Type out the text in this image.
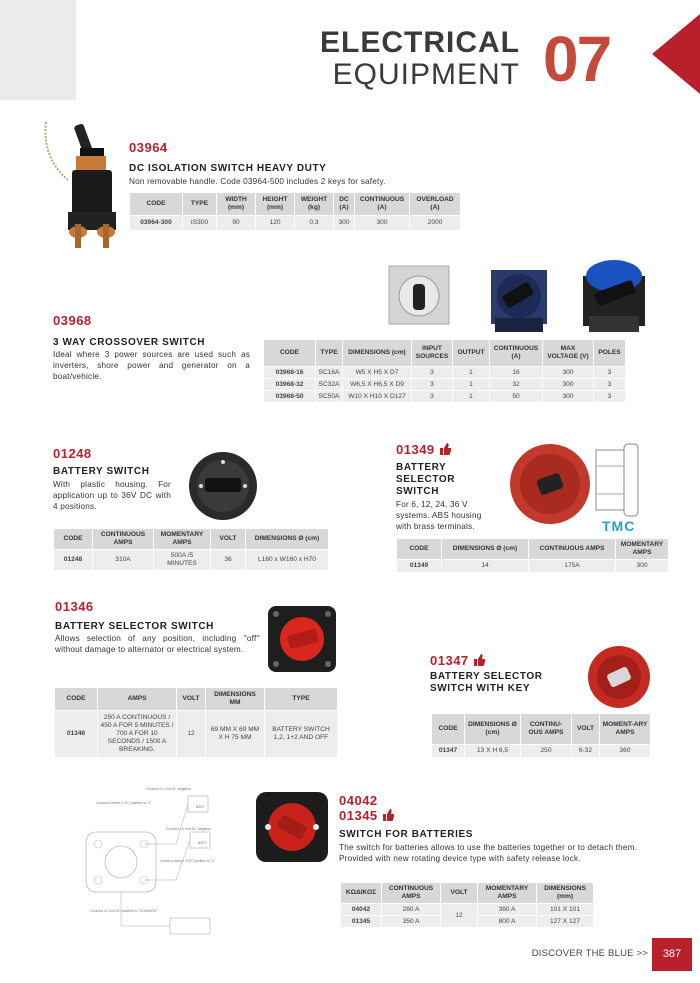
ELECTRICAL
EQUIPMENT 07
03964
DC ISOLATION SWITCH HEAVY DUTY
Non removable handle. Code 03964-500 includes 2 keys for safety.
CODE	TYPE	WIDTH (mm)	HEIGHT (mm)	WEIGHT (kg)	DC (A)	CONTINUOUS (A)	OVERLOAD (A)
03964-300	IS300	90	120	0.3	300	300	2000
03968
3 WAY CROSSOVER SWITCH
Ideal where 3 power sources are used such as inverters, shore power and generator on a boat/vehicle.
CODE	TYPE	DIMENSIONS (cm)	INPUT SOURCES	OUTPUT	CONTINUOUS (A)	MAX VOLTAGE (V)	POLES
03968-16	SC16A	W5 X H5 X D7	3	1	16	300	3
03968-32	SC32A	W6,5 X H6,5 X D9	3	1	32	300	3
03968-50	SC50A	W10 X H10 X D127	3	1	50	300	3
01248
BATTERY SWITCH
With plastic housing. For application up to 36V DC with 4 positions.
CODE	CONTINUOUS AMPS	MOMENTARY AMPS	VOLT	DIMENSIONS Ø (cm)
01248	310A	500A /5 MINUTES	36	L160 x W160 x H70
01349
BATTERY SELECTOR SWITCH
For 6, 12, 24, 36 V systems. ABS housing with brass terminals.	TMC
CODE	DIMENSIONS Ø (cm)	CONTINUOUS AMPS	MOMENTARY AMPS
01349	14	175A	300
01346
BATTERY SELECTOR SWITCH
Allows selection of any position, including ''off'' without damage to alternator or electrical system.
CODE	AMPS	VOLT	DIMENSIONS MM	TYPE
01346	250 A CONTINUOUS / 450 A FOR 5 MINUTES / 700 A FOR 10 SECONDS / 1500 A BREAKING.	12	69 MM X 69 MM X H 75 MM	BATTERY SWITCH 1,2, 1+2 AND OFF
01347
BATTERY SELECTOR SWITCH WITH KEY
CODE	DIMENSIONS Ø (cm)	CONTINU-OUS AMPS	VOLT	MOMENT-ARY AMPS
01347	13 X H 6,5	250	6-32	360
Connect 12 Volt DC negative
Connect Device 1 DC positive to "1"
Connect 12 Volt DC negative
Connect device 2 DC positive to "2"
Connect 12 Volt DC positive to "COMMON"
BATT
BATT
04042
01345
SWITCH FOR BATTERIES
The switch for batteries allows to use the batteries together or to detach them. Provided with new rotating device type with safety release lock.
ΚΩΔΙΚΟΣ	CONTINUOUS AMPS	VOLT	MOMENTARY AMPS	DIMENSIONS (mm)
04042	280 A	12	380 A	101 X 101
01345	350 A		800 A	127 X 127
DISCOVER THE BLUE >>	387
